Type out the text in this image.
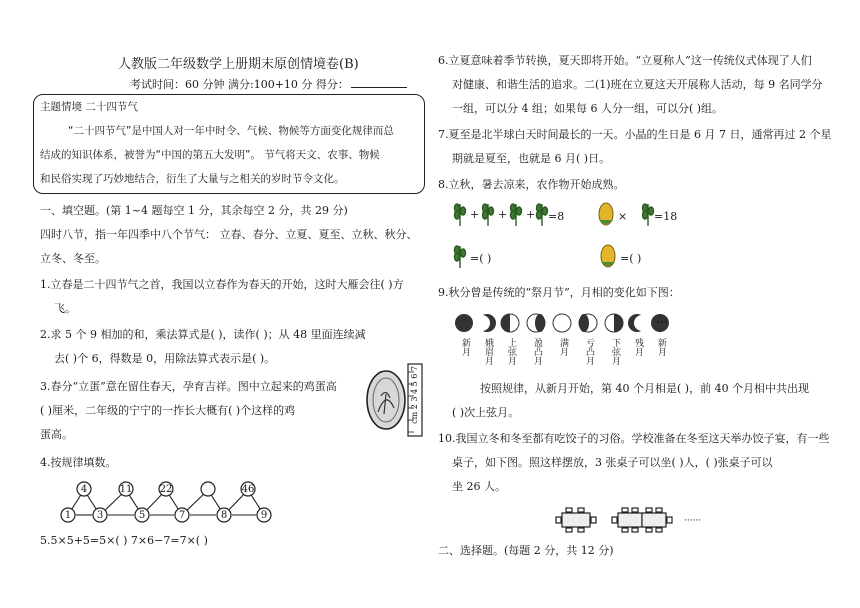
人教版二年级数学上册期末原创情境卷(B)
考试时间：60 分钟 满分:100+10 分 得分：
主题情境 二十四节气
“二十四节气”是中国人对一年中时令、气候、物候等方面变化规律而总
结成的知识体系，被誉为“中国的第五大发明”。 节气将天文、农事、物候
和民俗实现了巧妙地结合，衍生了大量与之相关的岁时节令文化。
一、填空题。(第 1~4 题每空 1 分，其余每空 2 分，共 29 分)
四时八节，指一年四季中八个节气： 立春、春分、立夏、夏至、立秋、秋分、
立冬、冬至。
1.立春是二十四节气之首，我国以立春作为春天的开始，这时大雁会往( )方
飞。
2.求 5 个 9 相加的和，乘法算式是( )，读作( )；从 48 里面连续减
去( )个 6，得数是 0，用除法算式表示是( )。
3.春分“立蛋”意在留住春天，孕育吉祥。图中立起来的鸡蛋高
( )厘米，二年级的宁宁的一拃长大概有( )个这样的鸡
蛋高。
cm 2 3 4 5 6 7
4.按规律填数。
4	11	22	46
1	3	5	7	8	9
5.5×5+5=5×( ) 7×6−7=7×( )
6.立夏意味着季节转换，夏天即将开始。“立夏称人”这一传统仪式体现了人们
对健康、和谐生活的追求。二(1)班在立夏这天开展称人活动，每 9 名同学分
一组，可以分 4 组；如果每 6 人分一组，可以分( )组。
7.夏至是北半球白天时间最长的一天。小晶的生日是 6 月 7 日，通常再过 2 个星
期就是夏至，也就是 6 月( )日。
8.立秋，暑去凉来，农作物开始成熟。
+ + + =8	× =18
=( )	=( )
9.秋分曾是传统的“祭月节”，月相的变化如下图：
···
新月 娥眉月 上弦月 盈凸月 满月 亏凸月 下弦月 残月 新月
按照规律，从新月开始，第 40 个月相是( )，前 40 个月相中共出现
( )次上弦月。
10.我国立冬和冬至都有吃饺子的习俗。学校准备在冬至这天举办饺子宴，有一些
桌子，如下图。照这样摆放，3 张桌子可以坐( )人，( )张桌子可以
坐 26 人。
······
二、选择题。(每题 2 分，共 12 分)
